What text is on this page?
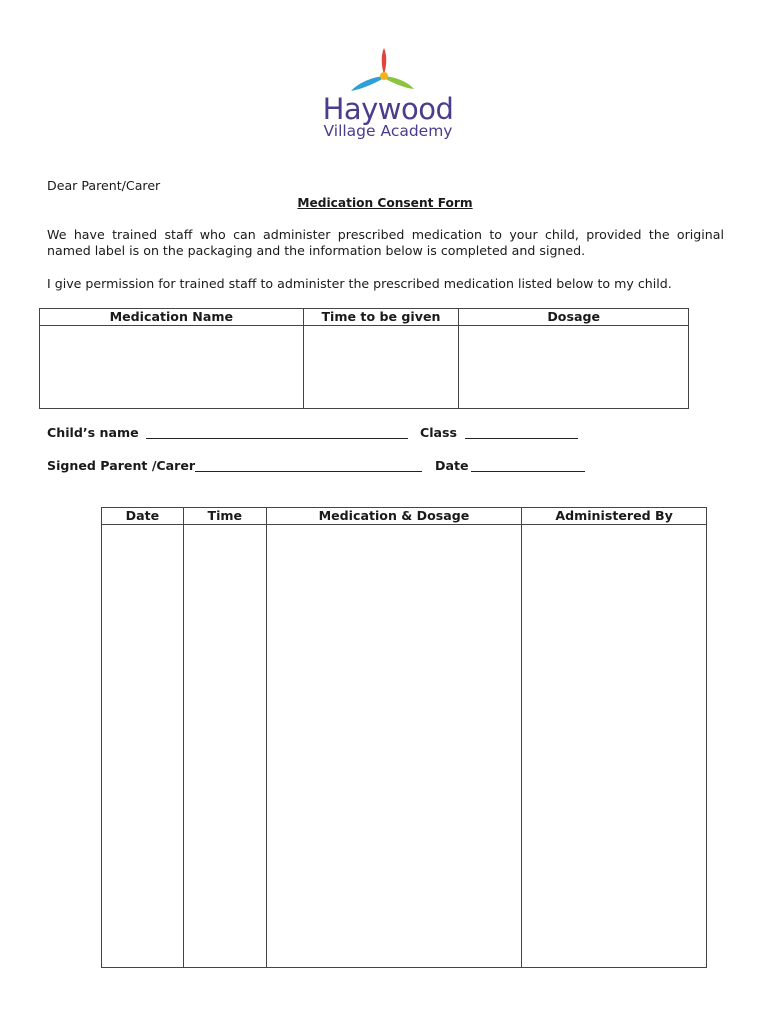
Haywood
Village Academy
Dear Parent/Carer
Medication Consent Form
We have trained staff who can administer prescribed medication to your child, provided the original named label is on the packaging and the information below is completed and signed.
I give permission for trained staff to administer the prescribed medication listed below to my child.
Medication Name	Time to be given	Dosage

Child’s name	Class
Signed Parent /Carer	Date
Date	Time	Medication & Dosage	Administered By
